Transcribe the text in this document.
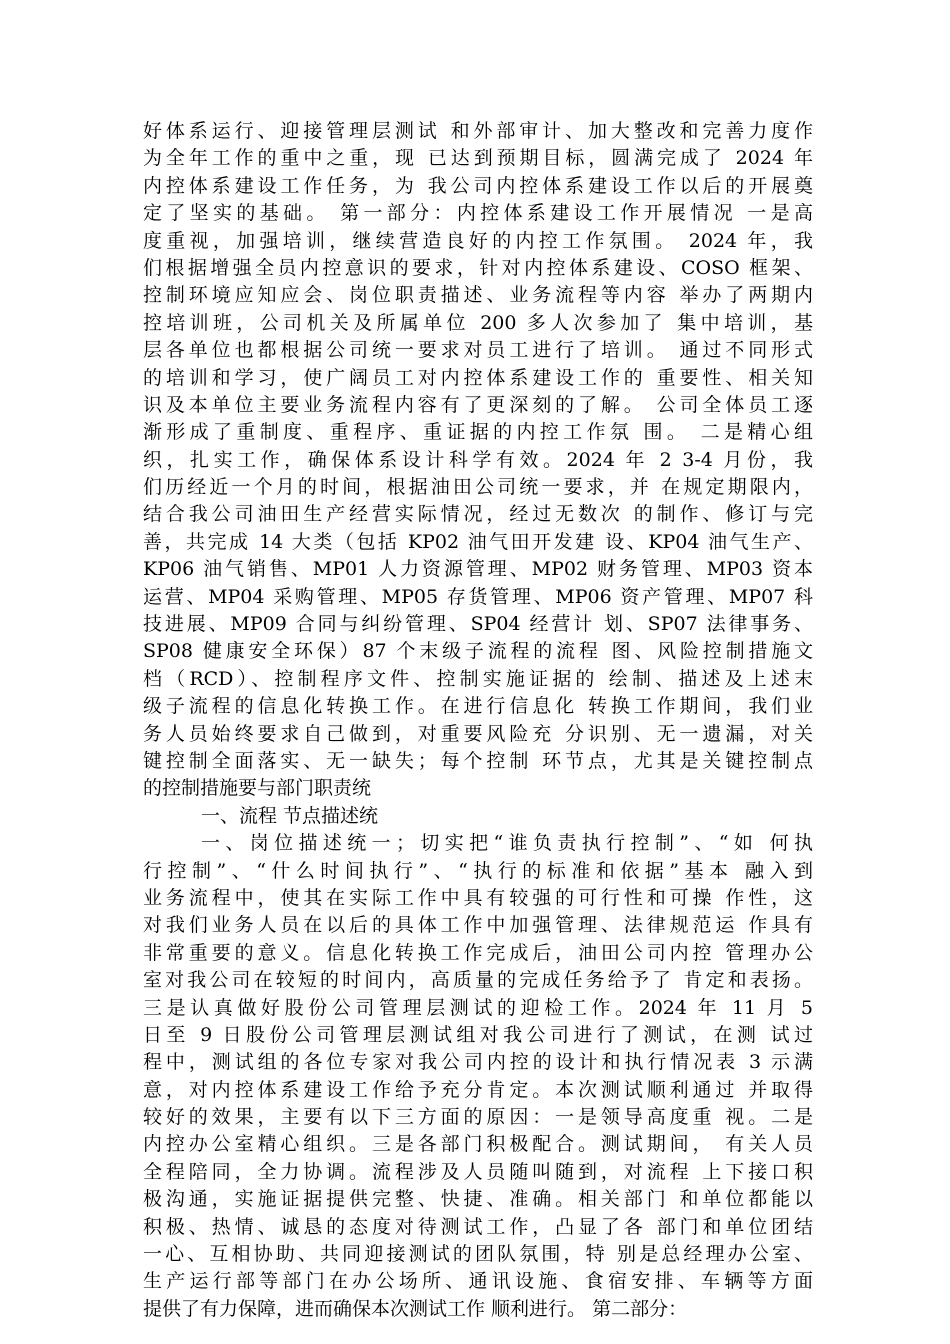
好体系运行、迎接管理层测试 和外部审计、加大整改和完善力度作
为全年工作的重中之重，现 已达到预期目标，圆满完成了 2024 年
内控体系建设工作任务，为 我公司内控体系建设工作以后的开展奠
定了坚实的基础。 第一部分：内控体系建设工作开展情况 一是高
度重视，加强培训，继续营造良好的内控工作氛围。 2024 年，我
们根据增强全员内控意识的要求，针对内控体系建设、COSO 框架、
控制环境应知应会、岗位职责描述、业务流程等内容 举办了两期内
控培训班，公司机关及所属单位 200 多人次参加了 集中培训，基
层各单位也都根据公司统一要求对员工进行了培训。 通过不同形式
的培训和学习，使广阔员工对内控体系建设工作的 重要性、相关知
识及本单位主要业务流程内容有了更深刻的了解。 公司全体员工逐
渐形成了重制度、重程序、重证据的内控工作氛 围。 二是精心组
织，扎实工作，确保体系设计科学有效。2024 年 2 3-4 月份，我
们历经近一个月的时间，根据油田公司统一要求，并 在规定期限内，
结合我公司油田生产经营实际情况，经过无数次 的制作、修订与完
善，共完成 14 大类（包括 KP02 油气田开发建 设、KP04 油气生产、
KP06 油气销售、MP01 人力资源管理、MP02 财务管理、MP03 资本
运营、MP04 采购管理、MP05 存货管理、MP06 资产管理、MP07 科
技进展、MP09 合同与纠纷管理、SP04 经营计 划、SP07 法律事务、
SP08 健康安全环保）87 个末级子流程的流程 图、风险控制措施文
档（RCD）、控制程序文件、控制实施证据的 绘制、描述及上述末
级子流程的信息化转换工作。在进行信息化 转换工作期间，我们业
务人员始终要求自己做到，对重要风险充 分识别、无一遗漏，对关
键控制全面落实、无一缺失；每个控制 环节点，尤其是关键控制点
的控制措施要与部门职责统
一、流程 节点描述统
一、岗位描述统一；切实把“谁负责执行控制”、“如 何执
行控制”、“什么时间执行”、“执行的标准和依据”基本 融入到
业务流程中，使其在实际工作中具有较强的可行性和可操 作性，这
对我们业务人员在以后的具体工作中加强管理、法律规范运 作具有
非常重要的意义。信息化转换工作完成后，油田公司内控 管理办公
室对我公司在较短的时间内，高质量的完成任务给予了 肯定和表扬。
三是认真做好股份公司管理层测试的迎检工作。2024 年 11 月 5
日至 9 日股份公司管理层测试组对我公司进行了测试，在测 试过
程中，测试组的各位专家对我公司内控的设计和执行情况表 3 示满
意，对内控体系建设工作给予充分肯定。本次测试顺利通过 并取得
较好的效果，主要有以下三方面的原因：一是领导高度重 视。二是
内控办公室精心组织。三是各部门积极配合。测试期间， 有关人员
全程陪同，全力协调。流程涉及人员随叫随到，对流程 上下接口积
极沟通，实施证据提供完整、快捷、准确。相关部门 和单位都能以
积极、热情、诚恳的态度对待测试工作，凸显了各 部门和单位团结
一心、互相协助、共同迎接测试的团队氛围，特 别是总经理办公室、
生产运行部等部门在办公场所、通讯设施、食宿安排、车辆等方面
提供了有力保障，进而确保本次测试工作 顺利进行。 第二部分：
